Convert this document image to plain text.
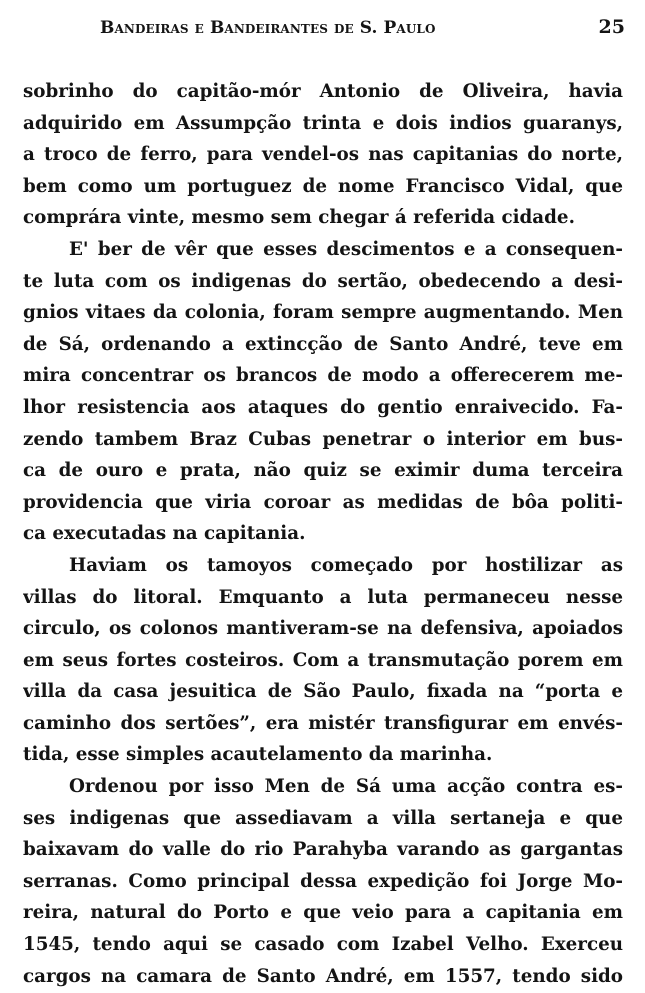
Bandeiras e Bandeirantes de S. Paulo	25
sobrinho do capitão-mór Antonio de Oliveira, havia
adquirido em Assumpção trinta e dois indios guaranys,
a troco de ferro, para vendel-os nas capitanias do norte,
bem como um portuguez de nome Francisco Vidal, que
comprára vinte, mesmo sem chegar á referida cidade.
E' ber de vêr que esses descimentos e a consequen-
te luta com os indigenas do sertão, obedecendo a desi-
gnios vitaes da colonia, foram sempre augmentando. Men
de Sá, ordenando a extincção de Santo André, teve em
mira concentrar os brancos de modo a offerecerem me-
lhor resistencia aos ataques do gentio enraivecido. Fa-
zendo tambem Braz Cubas penetrar o interior em bus-
ca de ouro e prata, não quiz se eximir duma terceira
providencia que viria coroar as medidas de bôa politi-
ca executadas na capitania.
Haviam os tamoyos começado por hostilizar as
villas do litoral. Emquanto a luta permaneceu nesse
circulo, os colonos mantiveram-se na defensiva, apoiados
em seus fortes costeiros. Com a transmutação porem em
villa da casa jesuitica de São Paulo, fixada na “porta e
caminho dos sertões”, era mistér transfigurar em envés-
tida, esse simples acautelamento da marinha.
Ordenou por isso Men de Sá uma acção contra es-
ses indigenas que assediavam a villa sertaneja e que
baixavam do valle do rio Parahyba varando as gargantas
serranas. Como principal dessa expedição foi Jorge Mo-
reira, natural do Porto e que veio para a capitania em
1545, tendo aqui se casado com Izabel Velho. Exerceu
cargos na camara de Santo André, em 1557, tendo sido
